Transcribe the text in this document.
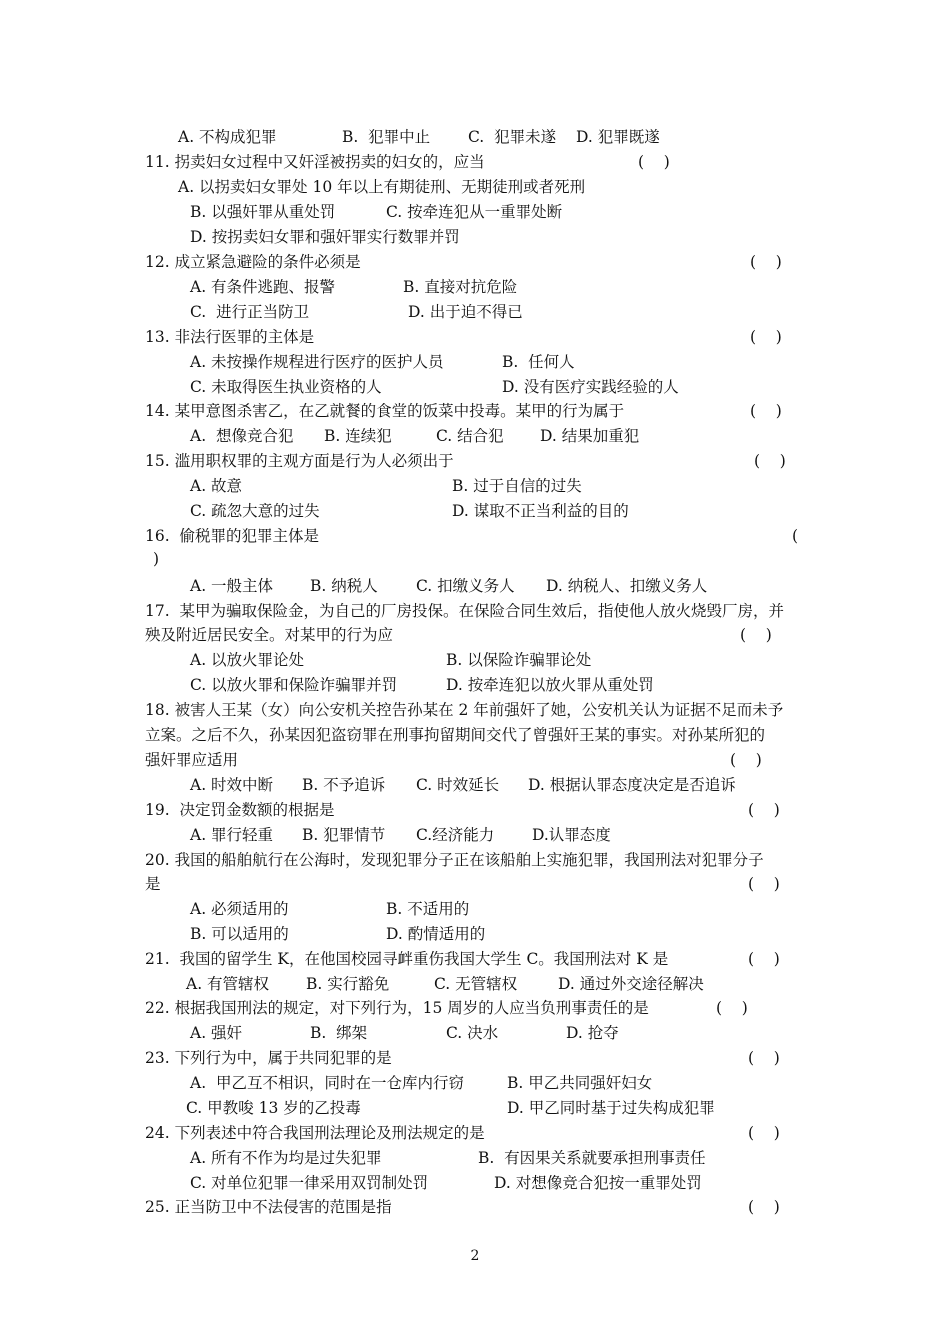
A. 不构成犯罪	B.  犯罪中止 C.  犯罪未遂 D. 犯罪既遂
11. 拐卖妇女过程中又奸淫被拐卖的妇女的，应当	(    )
A. 以拐卖妇女罪处 10 年以上有期徒刑、无期徒刑或者死刑
B. 以强奸罪从重处罚	C. 按牵连犯从一重罪处断
D. 按拐卖妇女罪和强奸罪实行数罪并罚
12. 成立紧急避险的条件必须是	(    )
A. 有条件逃跑、报警	B. 直接对抗危险
C.  进行正当防卫	D. 出于迫不得已
13. 非法行医罪的主体是	(    )
A. 未按操作规程进行医疗的医护人员	B.  任何人
C. 未取得医生执业资格的人	D. 没有医疗实践经验的人
14. 某甲意图杀害乙，在乙就餐的食堂的饭菜中投毒。某甲的行为属于	(    )
A.  想像竞合犯 B. 连续犯	C. 结合犯 D. 结果加重犯
15. 滥用职权罪的主观方面是行为人必须出于	(    )
A. 故意	B. 过于自信的过失
C. 疏忽大意的过失	D. 谋取不正当利益的目的
16.  偷税罪的犯罪主体是	(
)
A. 一般主体 B. 纳税人 C. 扣缴义务人 D. 纳税人、扣缴义务人
17.  某甲为骗取保险金，为自己的厂房投保。在保险合同生效后，指使他人放火烧毁厂房，并
殃及附近居民安全。对某甲的行为应	(    )
A. 以放火罪论处	B. 以保险诈骗罪论处
C. 以放火罪和保险诈骗罪并罚	D. 按牵连犯以放火罪从重处罚
18. 被害人王某（女）向公安机关控告孙某在 2 年前强奸了她，公安机关认为证据不足而未予
立案。之后不久，孙某因犯盗窃罪在刑事拘留期间交代了曾强奸王某的事实。对孙某所犯的
强奸罪应适用	(    )
A. 时效中断 B. 不予追诉 C. 时效延长 D. 根据认罪态度决定是否追诉
19.  决定罚金数额的根据是	(    )
A. 罪行轻重 B. 犯罪情节 C.经济能力 D.认罪态度
20. 我国的船舶航行在公海时，发现犯罪分子正在该船舶上实施犯罪，我国刑法对犯罪分子
是	(    )
A. 必须适用的	B. 不适用的
B. 可以适用的	D. 酌情适用的
21.  我国的留学生 K，在他国校园寻衅重伤我国大学生 C。我国刑法对 K 是	(    )
A. 有管辖权 B. 实行豁免	C. 无管辖权	D. 通过外交途径解决
22. 根据我国刑法的规定，对下列行为，15 周岁的人应当负刑事责任的是	(    )
A. 强奸	B.  绑架	C. 决水	D. 抢夺
23. 下列行为中，属于共同犯罪的是	(    )
A.  甲乙互不相识，同时在一仓库内行窃	B. 甲乙共同强奸妇女
C. 甲教唆 13 岁的乙投毒	D. 甲乙同时基于过失构成犯罪
24. 下列表述中符合我国刑法理论及刑法规定的是	(    )
A. 所有不作为均是过失犯罪	B.  有因果关系就要承担刑事责任
C. 对单位犯罪一律采用双罚制处罚	D. 对想像竞合犯按一重罪处罚
25. 正当防卫中不法侵害的范围是指	(    )
2
